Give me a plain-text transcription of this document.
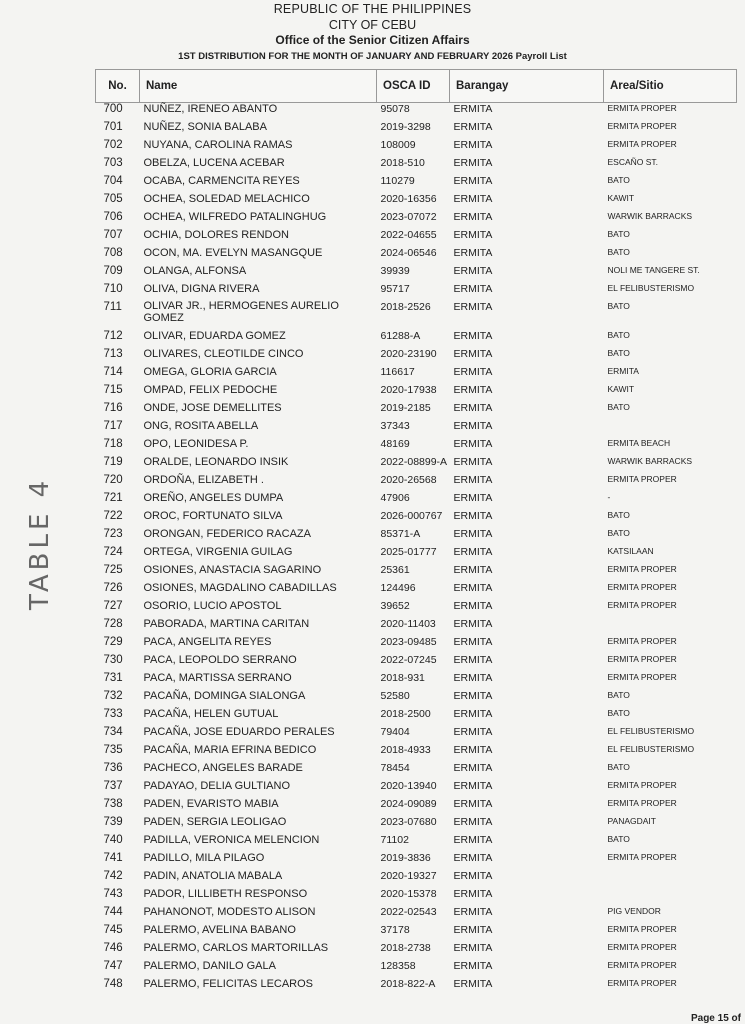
REPUBLIC OF THE PHILIPPINES
CITY OF CEBU
Office of the Senior Citizen Affairs
1ST DISTRIBUTION FOR THE MONTH OF JANUARY AND FEBRUARY 2026 Payroll List
TABLE 4
No.	Name	OSCA ID	Barangay	Area/Sitio
700	NUÑEZ, IRENEO ABANTO	95078	ERMITA	ERMITA PROPER
701	NUÑEZ, SONIA BALABA	2019-3298	ERMITA	ERMITA PROPER
702	NUYANA, CAROLINA RAMAS	108009	ERMITA	ERMITA PROPER
703	OBELZA, LUCENA ACEBAR	2018-510	ERMITA	ESCAÑO ST.
704	OCABA, CARMENCITA REYES	110279	ERMITA	BATO
705	OCHEA, SOLEDAD MELACHICO	2020-16356	ERMITA	KAWIT
706	OCHEA, WILFREDO PATALINGHUG	2023-07072	ERMITA	WARWIK BARRACKS
707	OCHIA, DOLORES RENDON	2022-04655	ERMITA	BATO
708	OCON, MA. EVELYN MASANGQUE	2024-06546	ERMITA	BATO
709	OLANGA, ALFONSA	39939	ERMITA	NOLI ME TANGERE ST.
710	OLIVA, DIGNA RIVERA	95717	ERMITA	EL FELIBUSTERISMO
711	OLIVAR JR., HERMOGENES AURELIO GOMEZ	2018-2526	ERMITA	BATO
712	OLIVAR, EDUARDA GOMEZ	61288-A	ERMITA	BATO
713	OLIVARES, CLEOTILDE CINCO	2020-23190	ERMITA	BATO
714	OMEGA, GLORIA GARCIA	116617	ERMITA	ERMITA
715	OMPAD, FELIX PEDOCHE	2020-17938	ERMITA	KAWIT
716	ONDE, JOSE DEMELLITES	2019-2185	ERMITA	BATO
717	ONG, ROSITA ABELLA	37343	ERMITA	
718	OPO, LEONIDESA P.	48169	ERMITA	ERMITA BEACH
719	ORALDE, LEONARDO INSIK	2022-08899-A	ERMITA	WARWIK BARRACKS
720	ORDOÑA, ELIZABETH .	2020-26568	ERMITA	ERMITA PROPER
721	OREÑO, ANGELES DUMPA	47906	ERMITA	-
722	OROC, FORTUNATO SILVA	2026-000767	ERMITA	BATO
723	ORONGAN, FEDERICO RACAZA	85371-A	ERMITA	BATO
724	ORTEGA, VIRGENIA GUILAG	2025-01777	ERMITA	KATSILAAN
725	OSIONES, ANASTACIA SAGARINO	25361	ERMITA	ERMITA PROPER
726	OSIONES, MAGDALINO CABADILLAS	124496	ERMITA	ERMITA PROPER
727	OSORIO, LUCIO APOSTOL	39652	ERMITA	ERMITA PROPER
728	PABORADA, MARTINA CARITAN	2020-11403	ERMITA	
729	PACA, ANGELITA REYES	2023-09485	ERMITA	ERMITA PROPER
730	PACA, LEOPOLDO SERRANO	2022-07245	ERMITA	ERMITA PROPER
731	PACA, MARTISSA SERRANO	2018-931	ERMITA	ERMITA PROPER
732	PACAÑA, DOMINGA SIALONGA	52580	ERMITA	BATO
733	PACAÑA, HELEN GUTUAL	2018-2500	ERMITA	BATO
734	PACAÑA, JOSE EDUARDO PERALES	79404	ERMITA	EL FELIBUSTERISMO
735	PACAÑA, MARIA EFRINA BEDICO	2018-4933	ERMITA	EL FELIBUSTERISMO
736	PACHECO, ANGELES BARADE	78454	ERMITA	BATO
737	PADAYAO, DELIA GULTIANO	2020-13940	ERMITA	ERMITA PROPER
738	PADEN, EVARISTO MABIA	2024-09089	ERMITA	ERMITA PROPER
739	PADEN, SERGIA LEOLIGAO	2023-07680	ERMITA	PANAGDAIT
740	PADILLA, VERONICA MELENCION	71102	ERMITA	BATO
741	PADILLO, MILA PILAGO	2019-3836	ERMITA	ERMITA PROPER
742	PADIN, ANATOLIA MABALA	2020-19327	ERMITA	
743	PADOR, LILLIBETH RESPONSO	2020-15378	ERMITA	
744	PAHANONOT, MODESTO ALISON	2022-02543	ERMITA	PIG VENDOR
745	PALERMO, AVELINA BABANO	37178	ERMITA	ERMITA PROPER
746	PALERMO, CARLOS MARTORILLAS	2018-2738	ERMITA	ERMITA PROPER
747	PALERMO, DANILO GALA	128358	ERMITA	ERMITA PROPER
748	PALERMO, FELICITAS LECAROS	2018-822-A	ERMITA	ERMITA PROPER
Page 15 of
